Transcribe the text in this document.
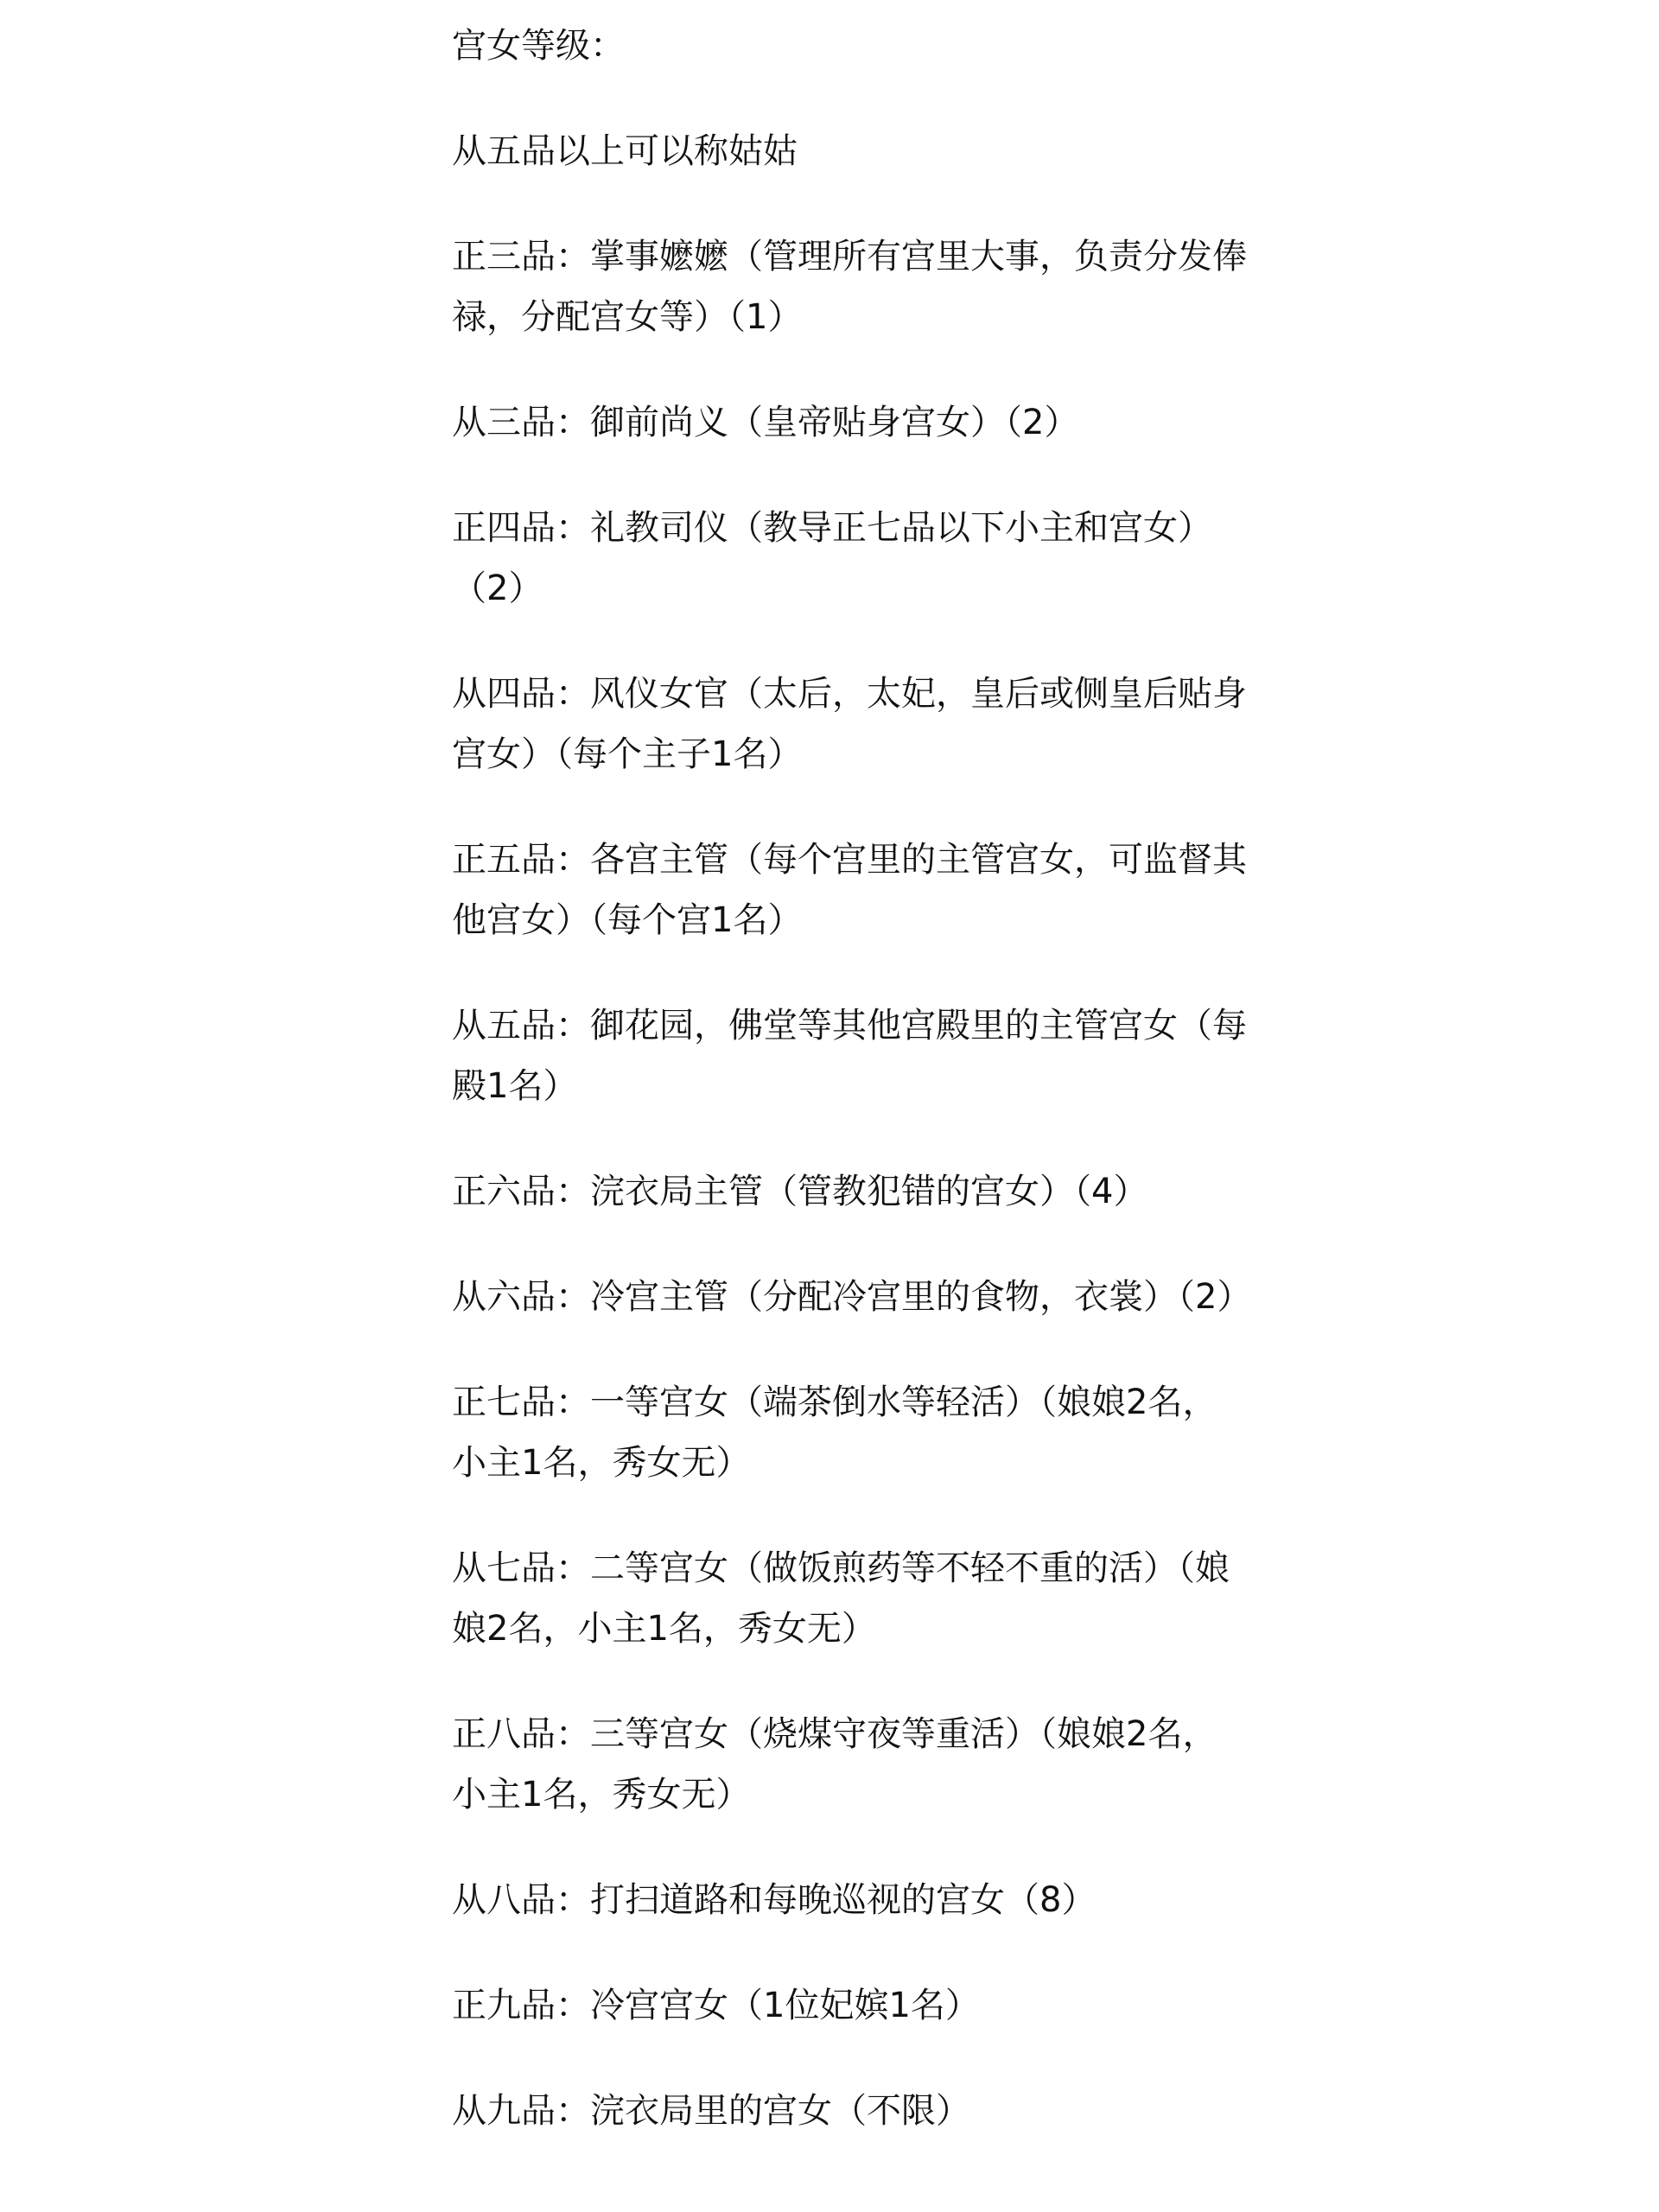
宫女等级：

从五品以上可以称姑姑

正三品：掌事嬷嬷（管理所有宫里大事，负责分发俸禄，分配宫女等）（1）

从三品：御前尚义（皇帝贴身宫女）（2）

正四品：礼教司仪（教导正七品以下小主和宫女）（2）

从四品：风仪女官（太后，太妃，皇后或侧皇后贴身宫女）（每个主子1名）

正五品：各宫主管（每个宫里的主管宫女，可监督其他宫女）（每个宫1名）

从五品：御花园，佛堂等其他宫殿里的主管宫女（每殿1名）

正六品：浣衣局主管（管教犯错的宫女）（4）

从六品：冷宫主管（分配冷宫里的食物，衣裳）（2）

正七品：一等宫女（端茶倒水等轻活）（娘娘2名，小主1名，秀女无）

从七品：二等宫女（做饭煎药等不轻不重的活）（娘娘2名，小主1名，秀女无）

正八品：三等宫女（烧煤守夜等重活）（娘娘2名，小主1名，秀女无）

从八品：打扫道路和每晚巡视的宫女（8）

正九品：冷宫宫女（1位妃嫔1名）

从九品：浣衣局里的宫女（不限）
